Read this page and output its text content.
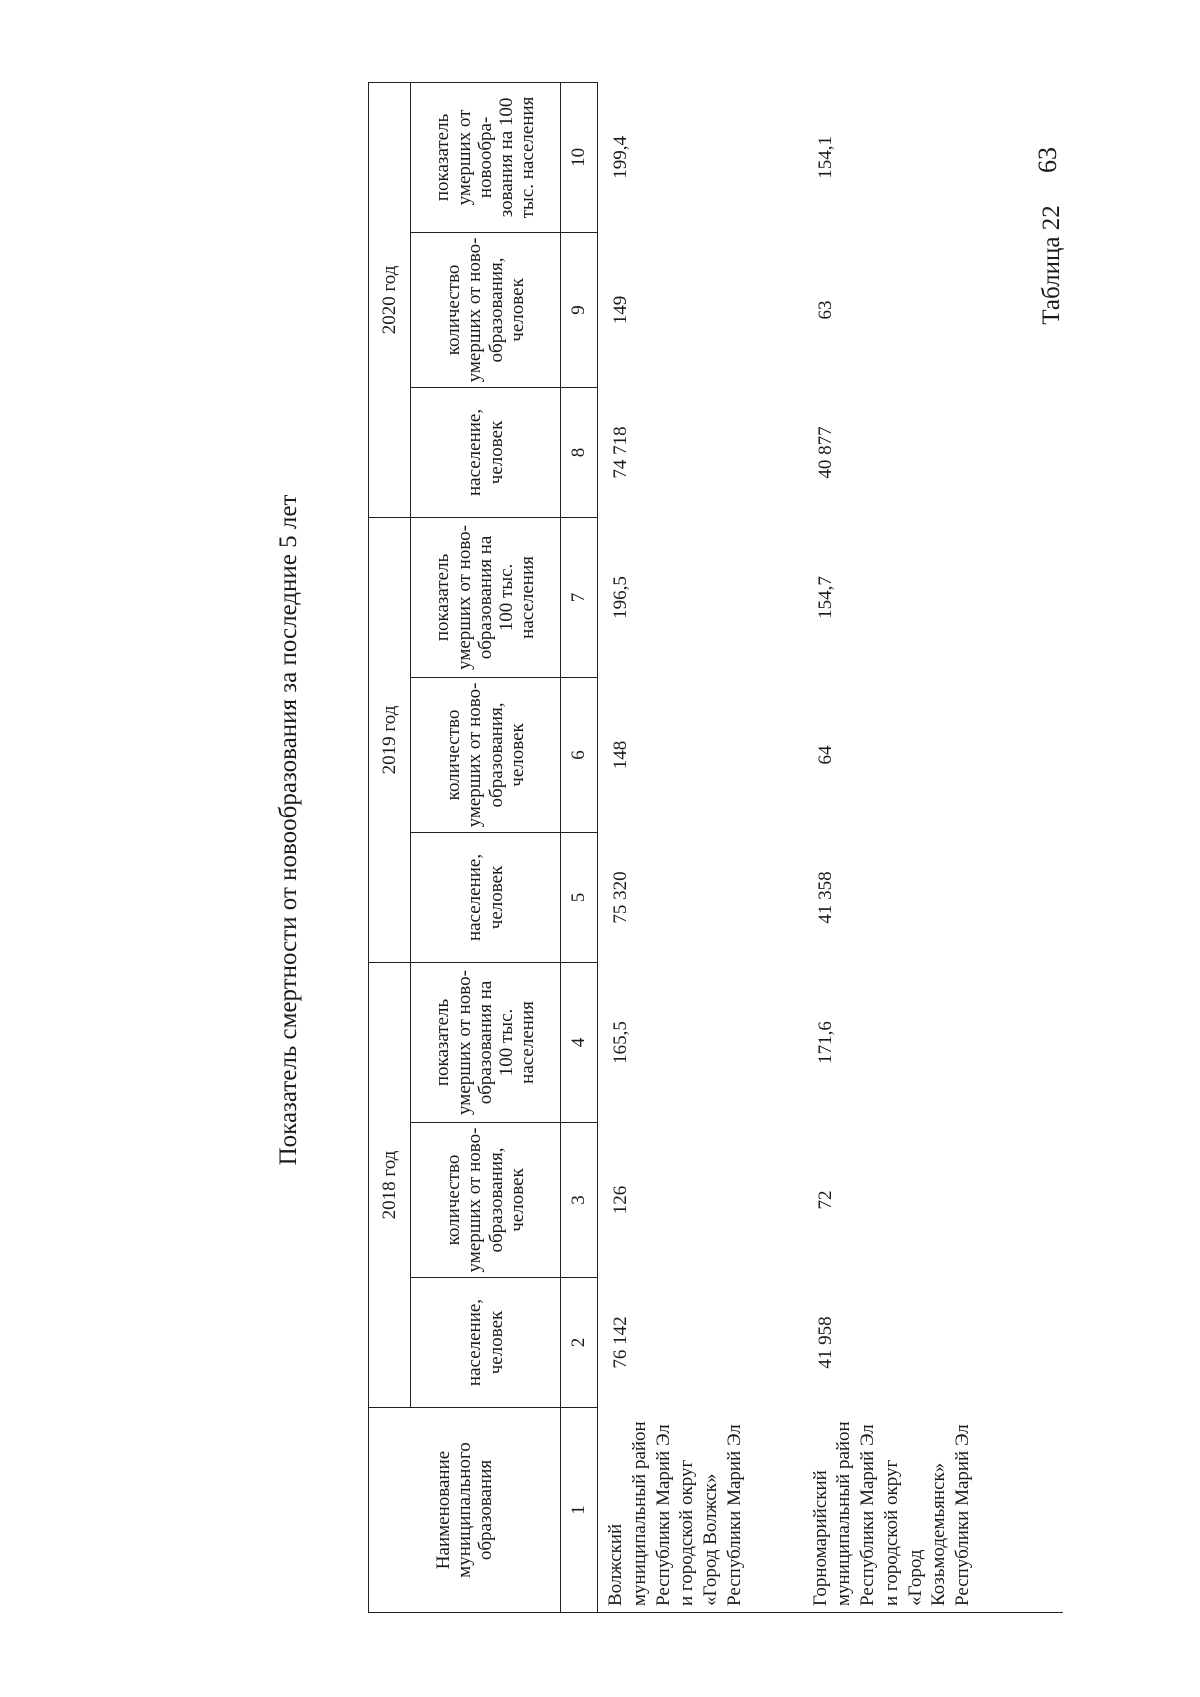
63
Таблица 22
Показатель смертности от новообразования за последние 5 лет
Наименование муниципального образования	2018 год			2019 год			2020 год		
	население, человек	количество умерших от ново- образования, человек	показатель умерших от ново- образования на 100 тыс. населения	население, человек	количество умерших от ново- образования, человек	показатель умерших от ново- образования на 100 тыс. населения	население, человек	количество умерших от ново- образования, человек	показатель умерших от новообра- зования на 100 тыс. населения
1	2	3	4	5	6	7	8	9	10
Волжский муниципальный район Республики Марий Эл и городской округ «Город Волжск» Республики Марий Эл	76 142	126	165,5	75 320	148	196,5	74 718	149	199,4
Горномарийский муниципальный район Республики Марий Эл и городской округ «Город Козьмодемьянск» Республики Марий Эл	41 958	72	171,6	41 358	64	154,7	40 877	63	154,1
